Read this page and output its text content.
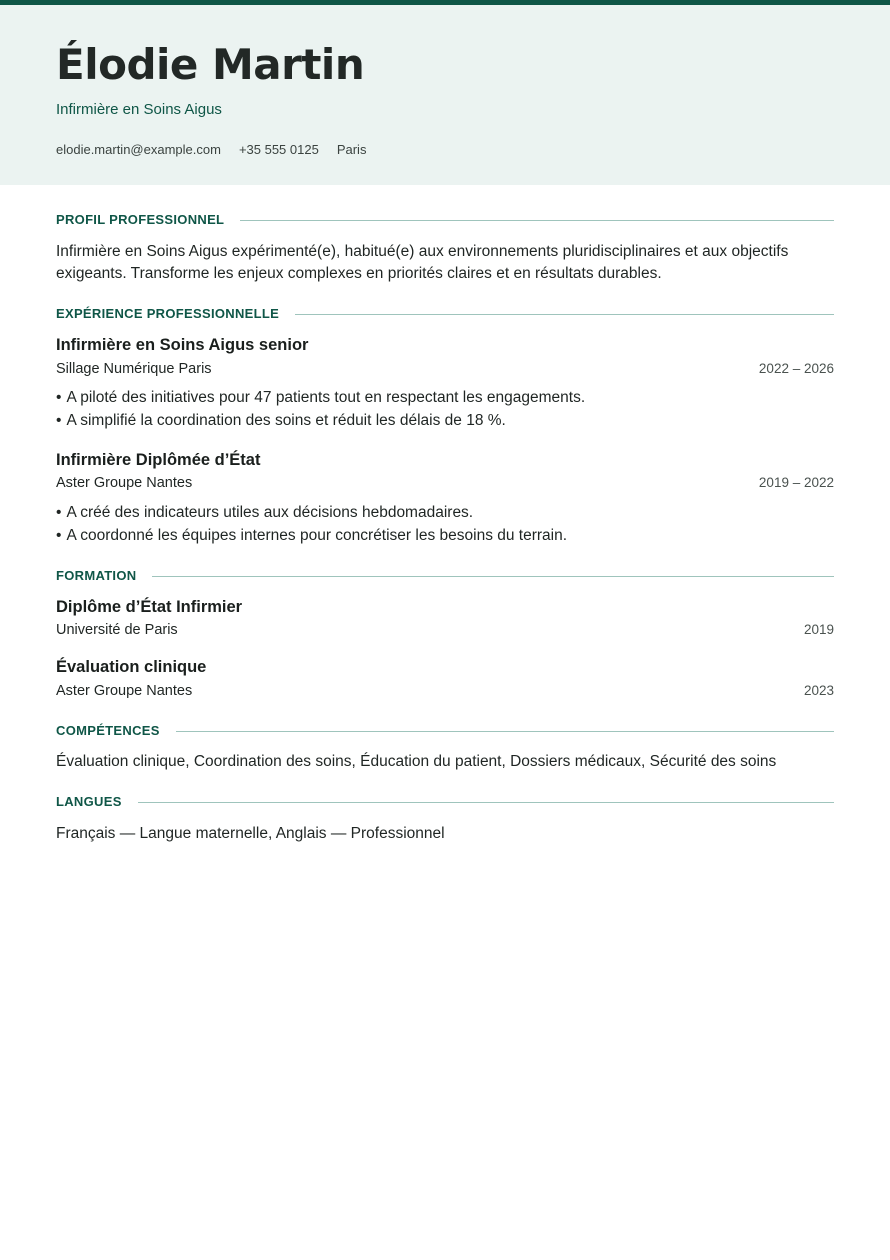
Élodie Martin
Infirmière en Soins Aigus
elodie.martin@example.com +35 555 0125 Paris
PROFIL PROFESSIONNEL
Infirmière en Soins Aigus expérimenté(e), habitué(e) aux environnements pluridisciplinaires et aux objectifs exigeants. Transforme les enjeux complexes en priorités claires et en résultats durables.
EXPÉRIENCE PROFESSIONNELLE
Infirmière en Soins Aigus senior
Sillage Numérique Paris	2022 – 2026
• A piloté des initiatives pour 47 patients tout en respectant les engagements.
• A simplifié la coordination des soins et réduit les délais de 18 %.
Infirmière Diplômée d’État
Aster Groupe Nantes	2019 – 2022
• A créé des indicateurs utiles aux décisions hebdomadaires.
• A coordonné les équipes internes pour concrétiser les besoins du terrain.
FORMATION
Diplôme d’État Infirmier
Université de Paris	2019
Évaluation clinique
Aster Groupe Nantes	2023
COMPÉTENCES
Évaluation clinique, Coordination des soins, Éducation du patient, Dossiers médicaux, Sécurité des soins
LANGUES
Français — Langue maternelle, Anglais — Professionnel
